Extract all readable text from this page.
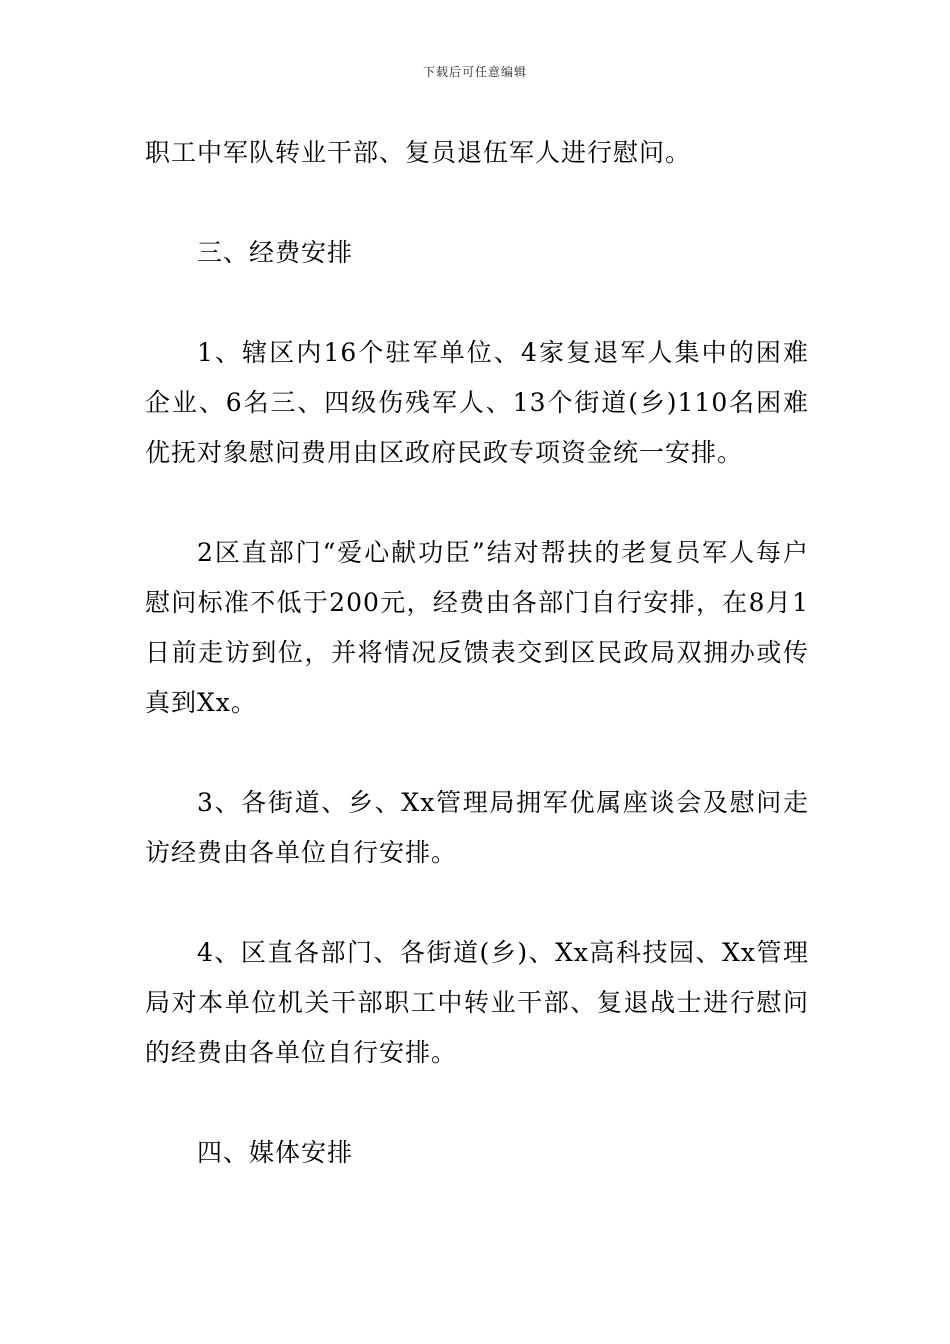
下载后可任意编辑

职工中军队转业干部、复员退伍军人进行慰问。

三、经费安排

1、辖区内16个驻军单位、4家复退军人集中的困难企业、6名三、四级伤残军人、13个街道(乡)110名困难优抚对象慰问费用由区政府民政专项资金统一安排。

2区直部门“爱心献功臣”结对帮扶的老复员军人每户慰问标准不低于200元，经费由各部门自行安排，在8月1日前走访到位，并将情况反馈表交到区民政局双拥办或传真到Xx。

3、各街道、乡、Xx管理局拥军优属座谈会及慰问走访经费由各单位自行安排。

4、区直各部门、各街道(乡)、Xx高科技园、Xx管理局对本单位机关干部职工中转业干部、复退战士进行慰问的经费由各单位自行安排。

四、媒体安排
